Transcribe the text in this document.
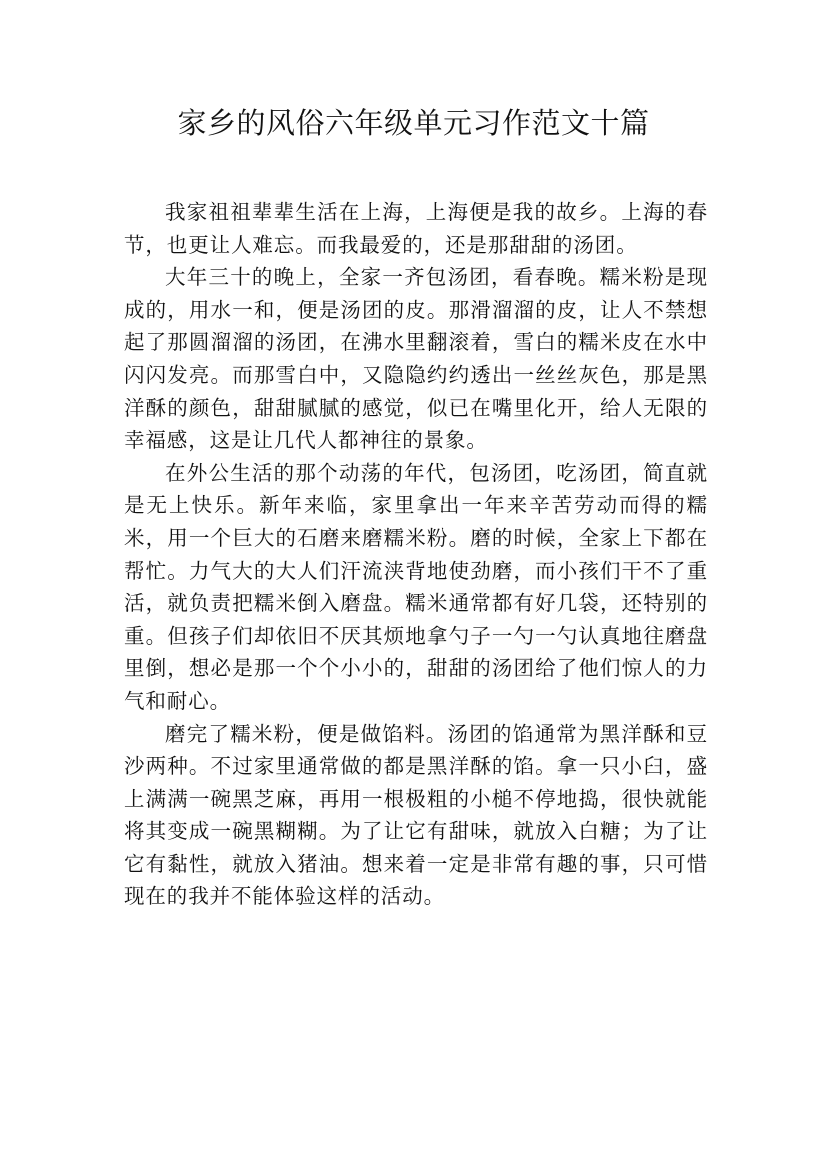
家乡的风俗六年级单元习作范文十篇

我家祖祖辈辈生活在上海，上海便是我的故乡。上海的春节，也更让人难忘。而我最爱的，还是那甜甜的汤团。

大年三十的晚上，全家一齐包汤团，看春晚。糯米粉是现成的，用水一和，便是汤团的皮。那滑溜溜的皮，让人不禁想起了那圆溜溜的汤团，在沸水里翻滚着，雪白的糯米皮在水中闪闪发亮。而那雪白中，又隐隐约约透出一丝丝灰色，那是黑洋酥的颜色，甜甜腻腻的感觉，似已在嘴里化开，给人无限的幸福感，这是让几代人都神往的景象。

在外公生活的那个动荡的年代，包汤团，吃汤团，简直就是无上快乐。新年来临，家里拿出一年来辛苦劳动而得的糯米，用一个巨大的石磨来磨糯米粉。磨的时候，全家上下都在帮忙。力气大的大人们汗流浃背地使劲磨，而小孩们干不了重活，就负责把糯米倒入磨盘。糯米通常都有好几袋，还特别的重。但孩子们却依旧不厌其烦地拿勺子一勺一勺认真地往磨盘里倒，想必是那一个个小小的，甜甜的汤团给了他们惊人的力气和耐心。

磨完了糯米粉，便是做馅料。汤团的馅通常为黑洋酥和豆沙两种。不过家里通常做的都是黑洋酥的馅。拿一只小臼，盛上满满一碗黑芝麻，再用一根极粗的小槌不停地捣，很快就能将其变成一碗黑糊糊。为了让它有甜味，就放入白糖；为了让它有黏性，就放入猪油。想来着一定是非常有趣的事，只可惜现在的我并不能体验这样的活动。
